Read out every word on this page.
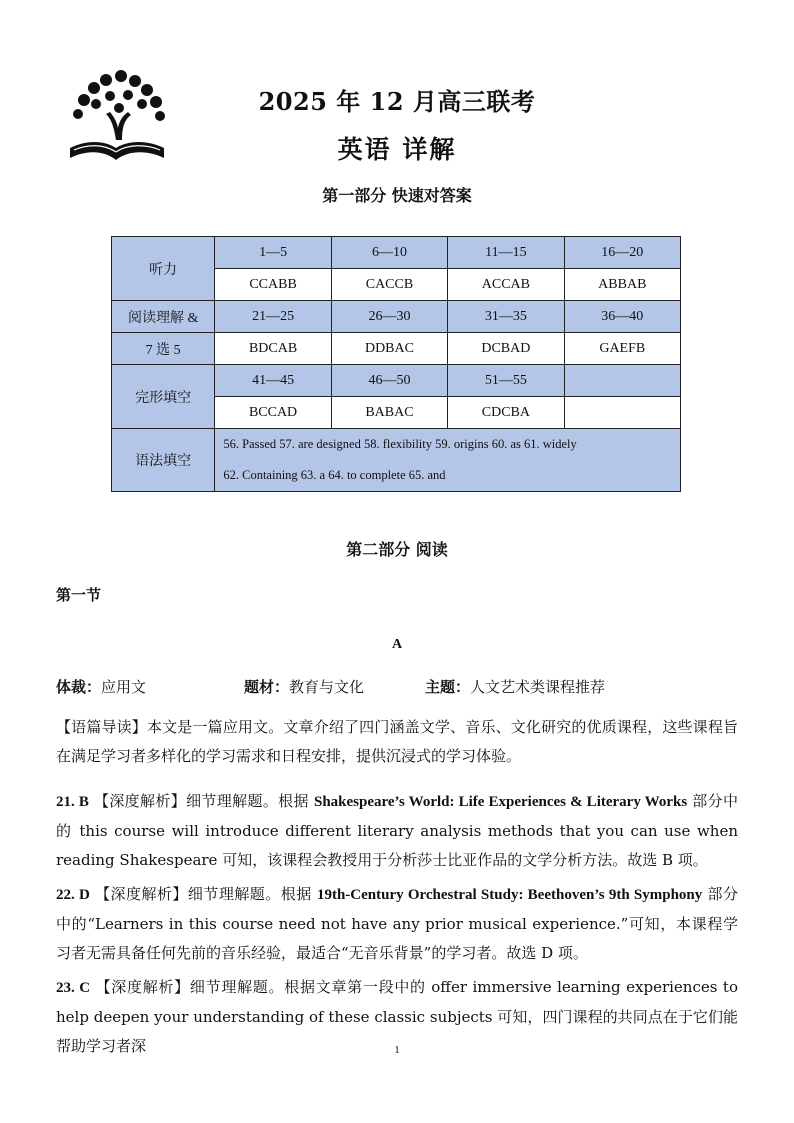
2025 年 12 月高三联考
英语 详解
第一部分 快速对答案
听力	1—5	6—10	11—15	16—20
	CCABB	CACCB	ACCAB	ABBAB
阅读理解 &	21—25	26—30	31—35	36—40
7 选 5	BDCAB	DDBAC	DCBAD	GAEFB
完形填空	41—45	46—50	51—55	
	BCCAD	BABAC	CDCBA	
语法填空	56. Passed 57. are designed 58. flexibility 59. origins 60. as 61. widely			
	62. Containing 63. a 64. to complete 65. and			
第二部分 阅读
第一节
A
体裁：应用文	题材：教育与文化	主题：人文艺术类课程推荐
【语篇导读】本文是一篇应用文。文章介绍了四门涵盖文学、音乐、文化研究的优质课程，这些课程旨在满足学习者多样化的学习需求和日程安排，提供沉浸式的学习体验。
21. B 【深度解析】细节理解题。根据 Shakespeare’s World: Life Experiences & Literary Works 部分中的 this course will introduce different literary analysis methods that you can use when reading Shakespeare 可知，该课程会教授用于分析莎士比亚作品的文学分析方法。故选 B 项。
22. D 【深度解析】细节理解题。根据 19th-Century Orchestral Study: Beethoven’s 9th Symphony 部分中的“Learners in this course need not have any prior musical experience.”可知，本课程学习者无需具备任何先前的音乐经验，最适合“无音乐背景”的学习者。故选 D 项。
23. C 【深度解析】细节理解题。根据文章第一段中的 offer immersive learning experiences to help deepen your understanding of these classic subjects 可知，四门课程的共同点在于它们能帮助学习者深	1
